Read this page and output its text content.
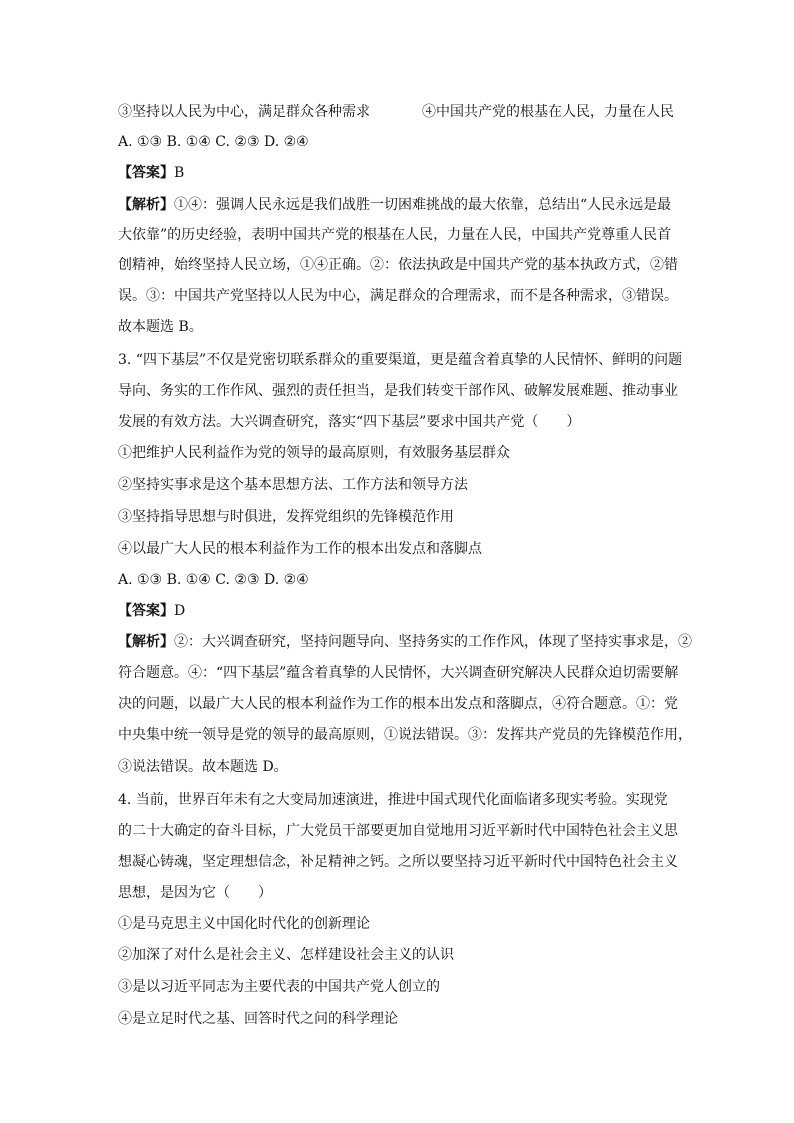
③坚持以人民为中心，满足群众各种需求	④中国共产党的根基在人民，力量在人民
A. ①③ B. ①④ C. ②③ D. ②④
【答案】B
【解析】①④：强调人民永远是我们战胜一切困难挑战的最大依靠，总结出“人民永远是最
大依靠”的历史经验，表明中国共产党的根基在人民，力量在人民，中国共产党尊重人民首
创精神，始终坚持人民立场，①④正确。②：依法执政是中国共产党的基本执政方式，②错
误。③：中国共产党坚持以人民为中心，满足群众的合理需求，而不是各种需求，③错误。
故本题选 B。
3. “四下基层”不仅是党密切联系群众的重要渠道，更是蕴含着真挚的人民情怀、鲜明的问题
导向、务实的工作作风、强烈的责任担当，是我们转变干部作风、破解发展难题、推动事业
发展的有效方法。大兴调查研究，落实“四下基层”要求中国共产党（　　）
①把维护人民利益作为党的领导的最高原则，有效服务基层群众
②坚持实事求是这个基本思想方法、工作方法和领导方法
③坚持指导思想与时俱进，发挥党组织的先锋模范作用
④以最广大人民的根本利益作为工作的根本出发点和落脚点
A. ①③ B. ①④ C. ②③ D. ②④
【答案】D
【解析】②：大兴调查研究，坚持问题导向、坚持务实的工作作风，体现了坚持实事求是，②
符合题意。④：“四下基层”蕴含着真挚的人民情怀，大兴调查研究解决人民群众迫切需要解
决的问题，以最广大人民的根本利益作为工作的根本出发点和落脚点，④符合题意。①：党
中央集中统一领导是党的领导的最高原则，①说法错误。③：发挥共产党员的先锋模范作用，
③说法错误。故本题选 D。
4. 当前，世界百年未有之大变局加速演进，推进中国式现代化面临诸多现实考验。实现党
的二十大确定的奋斗目标，广大党员干部要更加自觉地用习近平新时代中国特色社会主义思
想凝心铸魂，坚定理想信念，补足精神之钙。之所以要坚持习近平新时代中国特色社会主义
思想，是因为它（　　）
①是马克思主义中国化时代化的创新理论
②加深了对什么是社会主义、怎样建设社会主义的认识
③是以习近平同志为主要代表的中国共产党人创立的
④是立足时代之基、回答时代之问的科学理论
